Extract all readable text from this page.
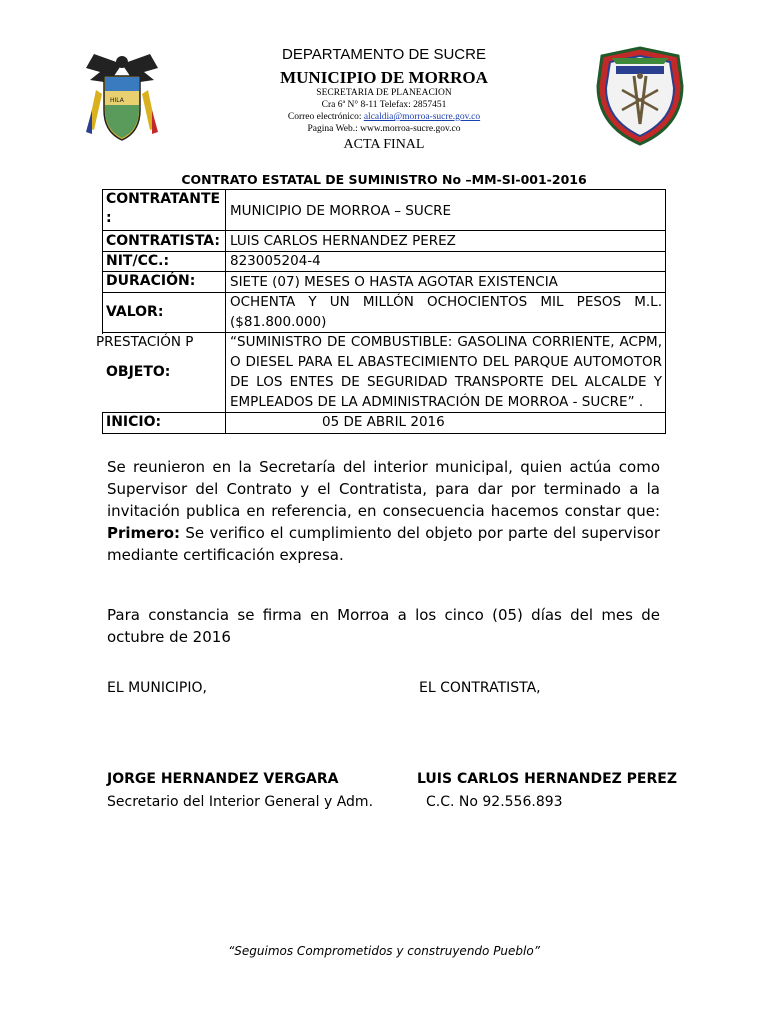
HILA
DEPARTAMENTO DE SUCRE
MUNICIPIO DE MORROA
SECRETARIA DE PLANEACION
Cra 6ª N° 8-11 Telefax: 2857451
Correo electrónico: alcaldia@morroa-sucre.gov.co
Pagina Web.: www.morroa-sucre.gov.co
ACTA FINAL
CONTRATO ESTATAL DE SUMINISTRO No –MM-SI-001-2016
CONTRATANTE
:	MUNICIPIO DE MORROA – SUCRE
CONTRATISTA: LUIS CARLOS HERNANDEZ PEREZ
NIT/CC.:	823005204-4
DURACIÓN:	SIETE (07) MESES O HASTA AGOTAR EXISTENCIA
VALOR:
OCHENTA Y UN MILLÓN OCHOCIENTOS MIL PESOS M.L.
($81.800.000)
PRESTACIÓN P
OBJETO:
“SUMINISTRO DE COMBUSTIBLE: GASOLINA CORRIENTE, ACPM,
O DIESEL PARA EL ABASTECIMIENTO DEL PARQUE AUTOMOTOR
DE LOS ENTES DE SEGURIDAD TRANSPORTE DEL ALCALDE Y
EMPLEADOS DE LA ADMINISTRACIÓN DE MORROA - SUCRE” .
INICIO:	05 DE ABRIL 2016
Se reunieron en la Secretaría del interior municipal, quien actúa como Supervisor del Contrato y el Contratista, para dar por terminado a la invitación publica en referencia, en consecuencia hacemos constar que: Primero: Se verifico el cumplimiento del objeto por parte del supervisor mediante certificación expresa.
Para constancia se firma en Morroa a los cinco (05) días del mes de octubre de 2016
EL MUNICIPIO,	EL CONTRATISTA,
JORGE HERNANDEZ VERGARA
Secretario del Interior General y Adm.
LUIS CARLOS HERNANDEZ PEREZ
C.C. No 92.556.893
“Seguimos Comprometidos y construyendo Pueblo”
